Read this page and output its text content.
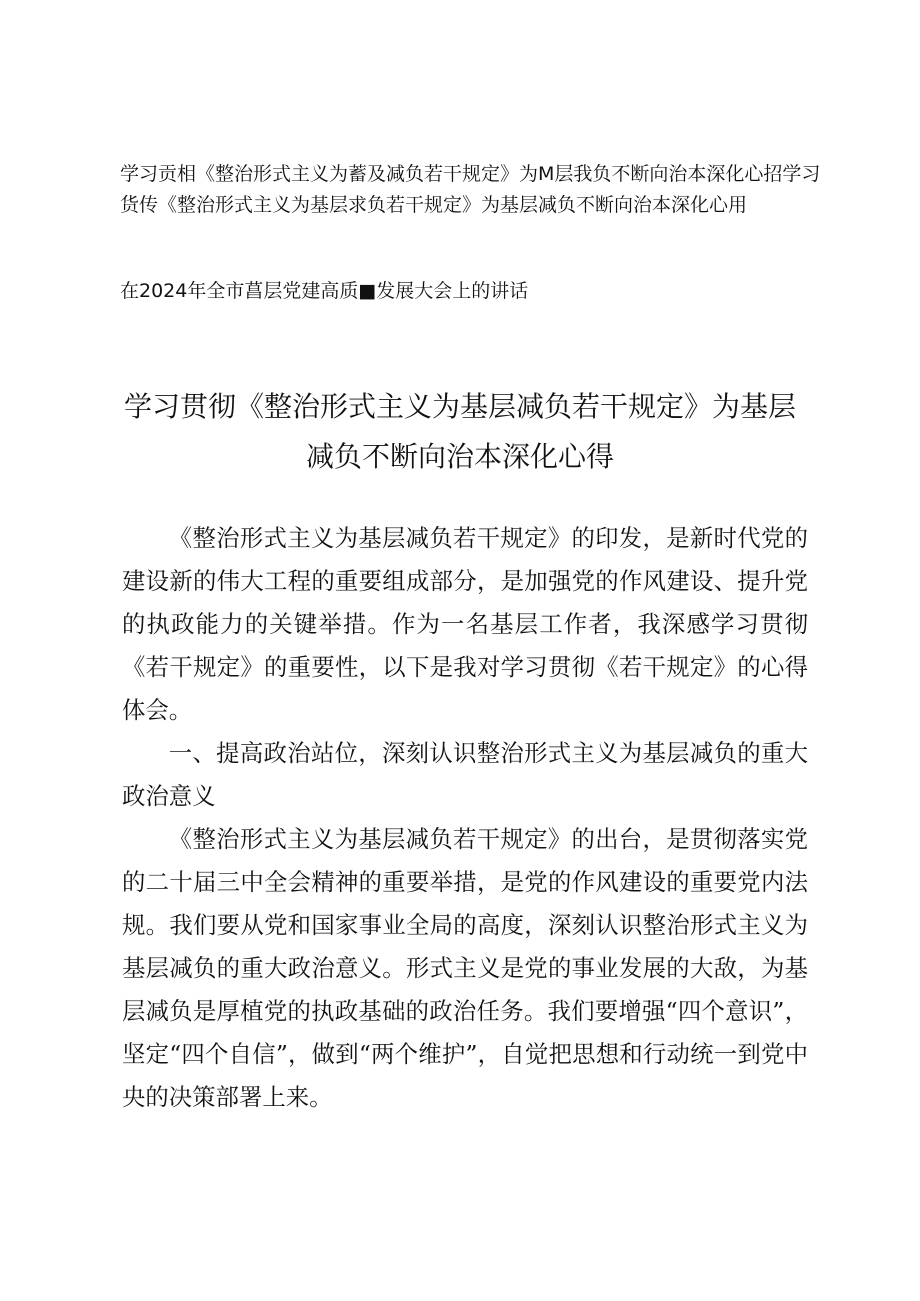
学习贡相《整治形式主义为蓄及减负若干规定》为M层我负不断向治本深化心招学习
货传《整治形式主义为基层求负若干规定》为基层减负不断向治本深化心用
在2024年全市菖层党建高质■发展大会上的讲话
学习贯彻《整治形式主义为基层减负若干规定》为基层
减负不断向治本深化心得

《整治形式主义为基层减负若干规定》的印发，是新时代党的建设新的伟大工程的重要组成部分，是加强党的作风建设、提升党的执政能力的关键举措。作为一名基层工作者，我深感学习贯彻《若干规定》的重要性，以下是我对学习贯彻《若干规定》的心得体会。

一、提高政治站位，深刻认识整治形式主义为基层减负的重大政治意义

《整治形式主义为基层减负若干规定》的出台，是贯彻落实党的二十届三中全会精神的重要举措，是党的作风建设的重要党内法规。我们要从党和国家事业全局的高度，深刻认识整治形式主义为基层减负的重大政治意义。形式主义是党的事业发展的大敌，为基层减负是厚植党的执政基础的政治任务。我们要增强“四个意识”，坚定“四个自信”，做到“两个维护”，自觉把思想和行动统一到党中央的决策部署上来。
